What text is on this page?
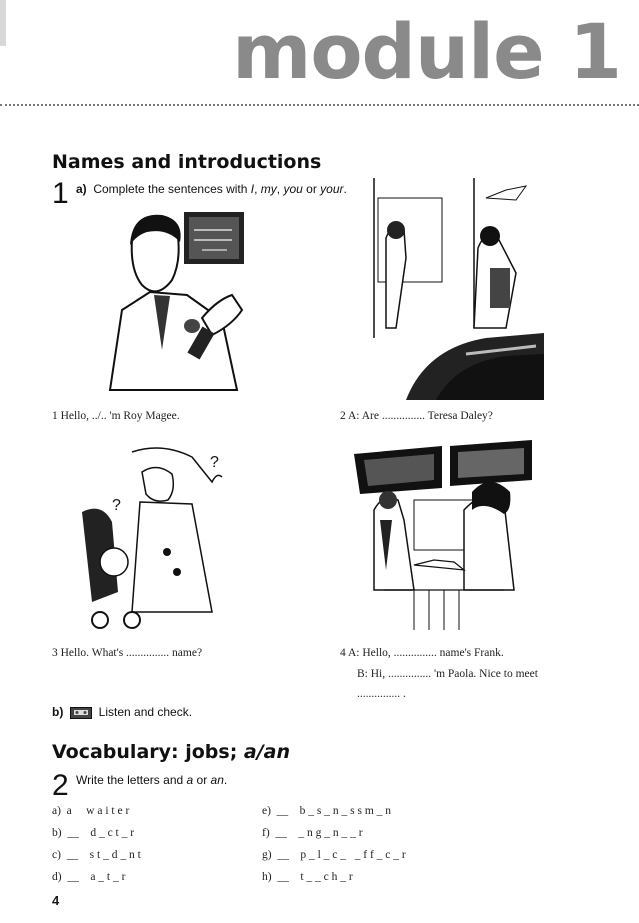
module 1
Names and introductions
1 a) Complete the sentences with I, my, you or your.
1 Hello, ../.. 'm Roy Magee.	2 A: Are ............... Teresa Daley?
?
?
3 Hello. What's ............... name?	4 A: Hello, ............... name's Frank.
B: Hi, ............... 'm Paola. Nice to meet
............... .
b)	Listen and check.
Vocabulary: jobs; a/an
2 Write the letters and a or an.
a)  a     w a i t e r
b)  __    d _ c t _ r
c)  __    s t _ d _ n t
d)  __    a _ t _ r
e)  __    b _ s _ n _ s s m _ n
f)  __    _ n g _ n _ _ r
g)  __    p _ l _ c _   _ f f _ c _ r
h)  __    t _ _ c h _ r
4
